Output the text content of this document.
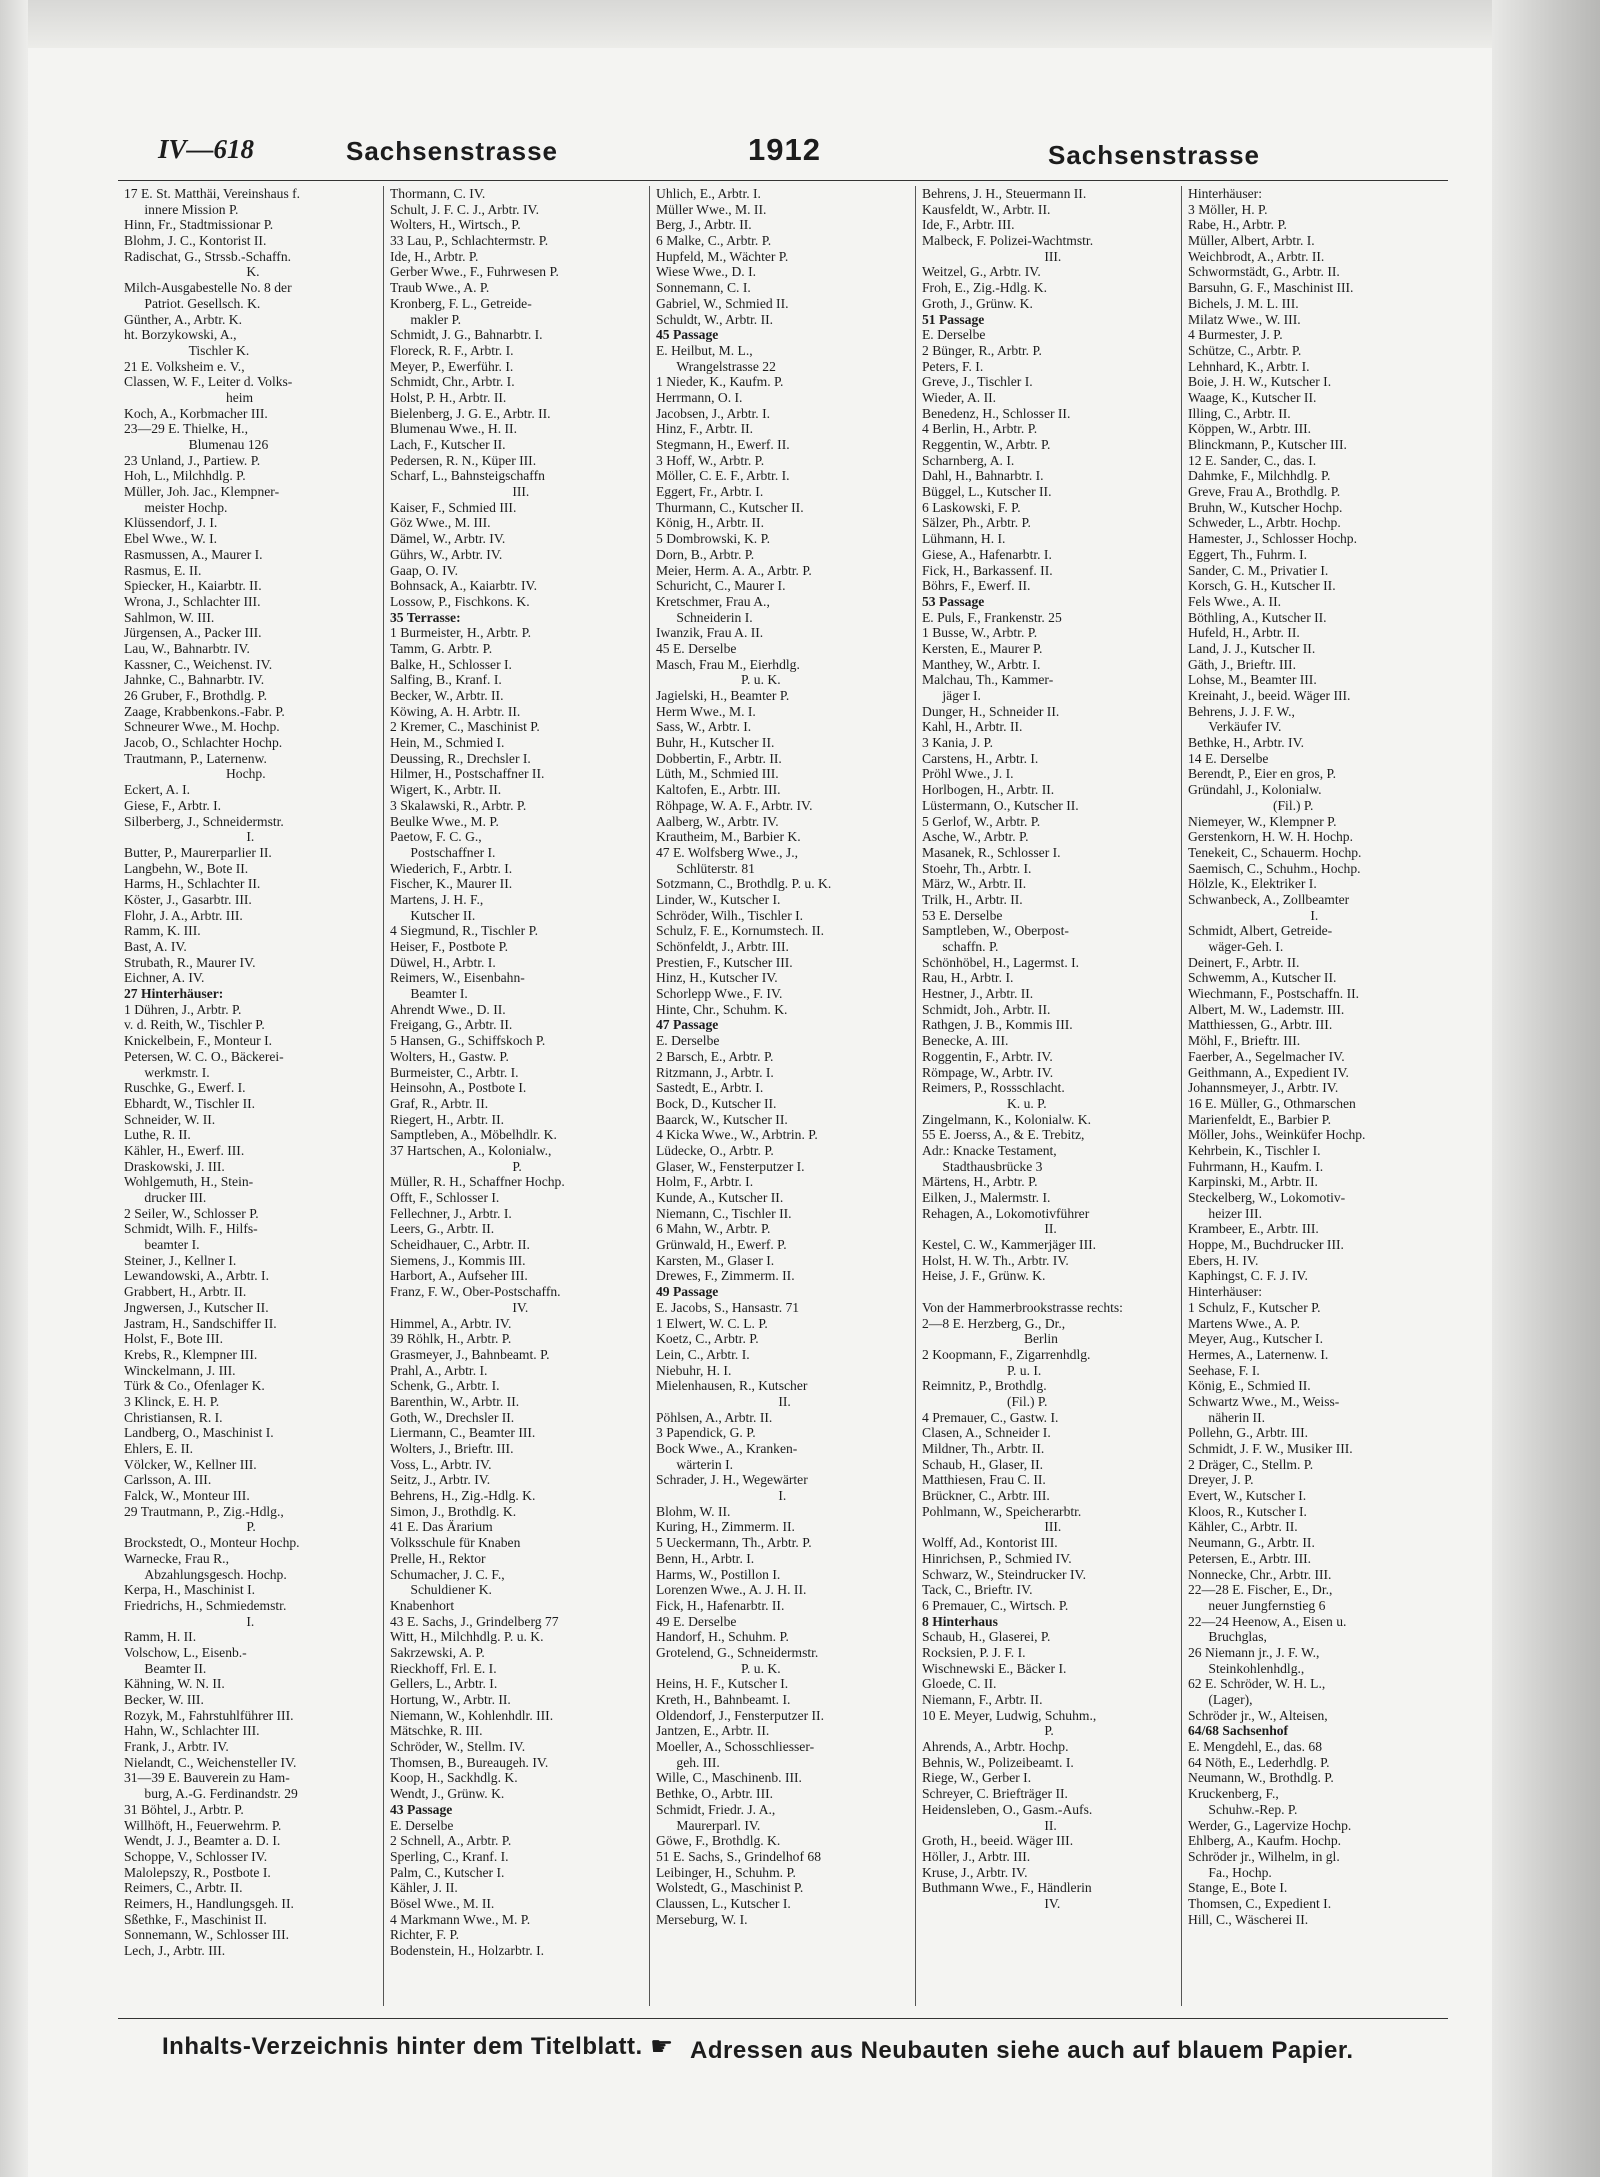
IV—618	Sachsenstrasse	1912	Sachsenstrasse
17 E. St. Matthäi, Vereinshaus f.
innere Mission P.
Hinn, Fr., Stadtmissionar P.
Blohm, J. C., Kontorist II.
Radischat, G., Strssb.-Schaffn.
K.
Milch-Ausgabestelle No. 8 der
Patriot. Gesellsch. K.
Günther, A., Arbtr. K.
ht. Borzykowski, A.,
Tischler K.
21 E. Volksheim e. V.,
Classen, W. F., Leiter d. Volks-
heim
Koch, A., Korbmacher III.
23—29 E. Thielke, H.,
Blumenau 126
23 Unland, J., Partiew. P.
Hoh, L., Milchhdlg. P.
Müller, Joh. Jac., Klempner-
meister Hochp.
Klüssendorf, J. I.
Ebel Wwe., W. I.
Rasmussen, A., Maurer I.
Rasmus, E. II.
Spiecker, H., Kaiarbtr. II.
Wrona, J., Schlachter III.
Sahlmon, W. III.
Jürgensen, A., Packer III.
Lau, W., Bahnarbtr. IV.
Kassner, C., Weichenst. IV.
Jahnke, C., Bahnarbtr. IV.
26 Gruber, F., Brothdlg. P.
Zaage, Krabbenkons.-Fabr. P.
Schneurer Wwe., M. Hochp.
Jacob, O., Schlachter Hochp.
Trautmann, P., Laternenw.
Hochp.
Eckert, A. I.
Giese, F., Arbtr. I.
Silberberg, J., Schneidermstr.
I.
Butter, P., Maurerparlier II.
Langbehn, W., Bote II.
Harms, H., Schlachter II.
Köster, J., Gasarbtr. III.
Flohr, J. A., Arbtr. III.
Ramm, K. III.
Bast, A. IV.
Strubath, R., Maurer IV.
Eichner, A. IV.
27 Hinterhäuser:
1 Dühren, J., Arbtr. P.
v. d. Reith, W., Tischler P.
Knickelbein, F., Monteur I.
Petersen, W. C. O., Bäckerei-
werkmstr. I.
Ruschke, G., Ewerf. I.
Ebhardt, W., Tischler II.
Schneider, W. II.
Luthe, R. II.
Kähler, H., Ewerf. III.
Draskowski, J. III.
Wohlgemuth, H., Stein-
drucker III.
2 Seiler, W., Schlosser P.
Schmidt, Wilh. F., Hilfs-
beamter I.
Steiner, J., Kellner I.
Lewandowski, A., Arbtr. I.
Grabbert, H., Arbtr. II.
Jngwersen, J., Kutscher II.
Jastram, H., Sandschiffer II.
Holst, F., Bote III.
Krebs, R., Klempner III.
Winckelmann, J. III.
Türk & Co., Ofenlager K.
3 Klinck, E. H. P.
Christiansen, R. I.
Landberg, O., Maschinist I.
Ehlers, E. II.
Völcker, W., Kellner III.
Carlsson, A. III.
Falck, W., Monteur III.
29 Trautmann, P., Zig.-Hdlg.,
P.
Brockstedt, O., Monteur Hochp.
Warnecke, Frau R.,
Abzahlungsgesch. Hochp.
Kerpa, H., Maschinist I.
Friedrichs, H., Schmiedemstr.
I.
Ramm, H. II.
Volschow, L., Eisenb.-
Beamter II.
Kähning, W. N. II.
Becker, W. III.
Rozyk, M., Fahrstuhlführer III.
Hahn, W., Schlachter III.
Frank, J., Arbtr. IV.
Nielandt, C., Weichensteller IV.
31—39 E. Bauverein zu Ham-
burg, A.-G. Ferdinandstr. 29
31 Böhtel, J., Arbtr. P.
Willhöft, H., Feuerwehrm. P.
Wendt, J. J., Beamter a. D. I.
Schoppe, V., Schlosser IV.
Malolepszy, R., Postbote I.
Reimers, C., Arbtr. II.
Reimers, H., Handlungsgeh. II.
Sßethke, F., Maschinist II.
Sonnemann, W., Schlosser III.
Lech, J., Arbtr. III.
Thormann, C. IV.
Schult, J. F. C. J., Arbtr. IV.
Wolters, H., Wirtsch., P.
33 Lau, P., Schlachtermstr. P.
Ide, H., Arbtr. P.
Gerber Wwe., F., Fuhrwesen P.
Traub Wwe., A. P.
Kronberg, F. L., Getreide-
makler P.
Schmidt, J. G., Bahnarbtr. I.
Floreck, R. F., Arbtr. I.
Meyer, P., Ewerführ. I.
Schmidt, Chr., Arbtr. I.
Holst, P. H., Arbtr. II.
Bielenberg, J. G. E., Arbtr. II.
Blumenau Wwe., H. II.
Lach, F., Kutscher II.
Pedersen, R. N., Küper III.
Scharf, L., Bahnsteigschaffn
III.
Kaiser, F., Schmied III.
Göz Wwe., M. III.
Dämel, W., Arbtr. IV.
Gührs, W., Arbtr. IV.
Gaap, O. IV.
Bohnsack, A., Kaiarbtr. IV.
Lossow, P., Fischkons. K.
35 Terrasse:
1 Burmeister, H., Arbtr. P.
Tamm, G. Arbtr. P.
Balke, H., Schlosser I.
Salfing, B., Kranf. I.
Becker, W., Arbtr. II.
Köwing, A. H. Arbtr. II.
2 Kremer, C., Maschinist P.
Hein, M., Schmied I.
Deussing, R., Drechsler I.
Hilmer, H., Postschaffner II.
Wigert, K., Arbtr. II.
3 Skalawski, R., Arbtr. P.
Beulke Wwe., M. P.
Paetow, F. C. G.,
Postschaffner I.
Wiederich, F., Arbtr. I.
Fischer, K., Maurer II.
Martens, J. H. F.,
Kutscher II.
4 Siegmund, R., Tischler P.
Heiser, F., Postbote P.
Düwel, H., Arbtr. I.
Reimers, W., Eisenbahn-
Beamter I.
Ahrendt Wwe., D. II.
Freigang, G., Arbtr. II.
5 Hansen, G., Schiffskoch P.
Wolters, H., Gastw. P.
Burmeister, C., Arbtr. I.
Heinsohn, A., Postbote I.
Graf, R., Arbtr. II.
Riegert, H., Arbtr. II.
Samptleben, A., Möbelhdlr. K.
37 Hartschen, A., Kolonialw.,
P.
Müller, R. H., Schaffner Hochp.
Offt, F., Schlosser I.
Fellechner, J., Arbtr. I.
Leers, G., Arbtr. II.
Scheidhauer, C., Arbtr. II.
Siemens, J., Kommis III.
Harbort, A., Aufseher III.
Franz, F. W., Ober-Postschaffn.
IV.
Himmel, A., Arbtr. IV.
39 Röhlk, H., Arbtr. P.
Grasmeyer, J., Bahnbeamt. P.
Prahl, A., Arbtr. I.
Schenk, G., Arbtr. I.
Barenthin, W., Arbtr. II.
Goth, W., Drechsler II.
Liermann, C., Beamter III.
Wolters, J., Brieftr. III.
Voss, L., Arbtr. IV.
Seitz, J., Arbtr. IV.
Behrens, H., Zig.-Hdlg. K.
Simon, J., Brothdlg. K.
41 E. Das Ärarium
Volksschule für Knaben
Prelle, H., Rektor
Schumacher, J. C. F.,
Schuldiener K.
Knabenhort
43 E. Sachs, J., Grindelberg 77
Witt, H., Milchhdlg. P. u. K.
Sakrzewski, A. P.
Rieckhoff, Frl. E. I.
Gellers, L., Arbtr. I.
Hortung, W., Arbtr. II.
Niemann, W., Kohlenhdlr. III.
Mätschke, R. III.
Schröder, W., Stellm. IV.
Thomsen, B., Bureaugeh. IV.
Koop, H., Sackhdlg. K.
Wendt, J., Grünw. K.
43 Passage
E. Derselbe
2 Schnell, A., Arbtr. P.
Sperling, C., Kranf. I.
Palm, C., Kutscher I.
Kähler, J. II.
Bösel Wwe., M. II.
4 Markmann Wwe., M. P.
Richter, F. P.
Bodenstein, H., Holzarbtr. I.
Uhlich, E., Arbtr. I.
Müller Wwe., M. II.
Berg, J., Arbtr. II.
6 Malke, C., Arbtr. P.
Hupfeld, M., Wächter P.
Wiese Wwe., D. I.
Sonnemann, C. I.
Gabriel, W., Schmied II.
Schuldt, W., Arbtr. II.
45 Passage
E. Heilbut, M. L.,
Wrangelstrasse 22
1 Nieder, K., Kaufm. P.
Herrmann, O. I.
Jacobsen, J., Arbtr. I.
Hinz, F., Arbtr. II.
Stegmann, H., Ewerf. II.
3 Hoff, W., Arbtr. P.
Möller, C. E. F., Arbtr. I.
Eggert, Fr., Arbtr. I.
Thurmann, C., Kutscher II.
König, H., Arbtr. II.
5 Dombrowski, K. P.
Dorn, B., Arbtr. P.
Meier, Herm. A. A., Arbtr. P.
Schuricht, C., Maurer I.
Kretschmer, Frau A.,
Schneiderin I.
Iwanzik, Frau A. II.
45 E. Derselbe
Masch, Frau M., Eierhdlg.
P. u. K.
Jagielski, H., Beamter P.
Herm Wwe., M. I.
Sass, W., Arbtr. I.
Buhr, H., Kutscher II.
Dobbertin, F., Arbtr. II.
Lüth, M., Schmied III.
Kaltofen, E., Arbtr. III.
Röhpage, W. A. F., Arbtr. IV.
Aalberg, W., Arbtr. IV.
Krautheim, M., Barbier K.
47 E. Wolfsberg Wwe., J.,
Schlüterstr. 81
Sotzmann, C., Brothdlg. P. u. K.
Linder, W., Kutscher I.
Schröder, Wilh., Tischler I.
Schulz, F. E., Kornumstech. II.
Schönfeldt, J., Arbtr. III.
Prestien, F., Kutscher III.
Hinz, H., Kutscher IV.
Schorlepp Wwe., F. IV.
Hinte, Chr., Schuhm. K.
47 Passage
E. Derselbe
2 Barsch, E., Arbtr. P.
Ritzmann, J., Arbtr. I.
Sastedt, E., Arbtr. I.
Bock, D., Kutscher II.
Baarck, W., Kutscher II.
4 Kicka Wwe., W., Arbtrin. P.
Lüdecke, O., Arbtr. P.
Glaser, W., Fensterputzer I.
Holm, F., Arbtr. I.
Kunde, A., Kutscher II.
Niemann, C., Tischler II.
6 Mahn, W., Arbtr. P.
Grünwald, H., Ewerf. P.
Karsten, M., Glaser I.
Drewes, F., Zimmerm. II.
49 Passage
E. Jacobs, S., Hansastr. 71
1 Elwert, W. C. L. P.
Koetz, C., Arbtr. P.
Lein, C., Arbtr. I.
Niebuhr, H. I.
Mielenhausen, R., Kutscher
II.
Pöhlsen, A., Arbtr. II.
3 Papendick, G. P.
Bock Wwe., A., Kranken-
wärterin I.
Schrader, J. H., Wegewärter
I.
Blohm, W. II.
Kuring, H., Zimmerm. II.
5 Ueckermann, Th., Arbtr. P.
Benn, H., Arbtr. I.
Harms, W., Postillon I.
Lorenzen Wwe., A. J. H. II.
Fick, H., Hafenarbtr. II.
49 E. Derselbe
Handorf, H., Schuhm. P.
Grotelend, G., Schneidermstr.
P. u. K.
Heins, H. F., Kutscher I.
Kreth, H., Bahnbeamt. I.
Oldendorf, J., Fensterputzer II.
Jantzen, E., Arbtr. II.
Moeller, A., Schosschliesser-
geh. III.
Wille, C., Maschinenb. III.
Bethke, O., Arbtr. III.
Schmidt, Friedr. J. A.,
Maurerparl. IV.
Göwe, F., Brothdlg. K.
51 E. Sachs, S., Grindelhof 68
Leibinger, H., Schuhm. P.
Wolstedt, G., Maschinist P.
Claussen, L., Kutscher I.
Merseburg, W. I.
Behrens, J. H., Steuermann II.
Kausfeldt, W., Arbtr. II.
Ide, F., Arbtr. III.
Malbeck, F. Polizei-Wachtmstr.
III.
Weitzel, G., Arbtr. IV.
Froh, E., Zig.-Hdlg. K.
Groth, J., Grünw. K.
51 Passage
E. Derselbe
2 Bünger, R., Arbtr. P.
Peters, F. I.
Greve, J., Tischler I.
Wieder, A. II.
Benedenz, H., Schlosser II.
4 Berlin, H., Arbtr. P.
Reggentin, W., Arbtr. P.
Scharnberg, A. I.
Dahl, H., Bahnarbtr. I.
Büggel, L., Kutscher II.
6 Laskowski, F. P.
Sälzer, Ph., Arbtr. P.
Lühmann, H. I.
Giese, A., Hafenarbtr. I.
Fick, H., Barkassenf. II.
Böhrs, F., Ewerf. II.
53 Passage
E. Puls, F., Frankenstr. 25
1 Busse, W., Arbtr. P.
Kersten, E., Maurer P.
Manthey, W., Arbtr. I.
Malchau, Th., Kammer-
jäger I.
Dunger, H., Schneider II.
Kahl, H., Arbtr. II.
3 Kania, J. P.
Carstens, H., Arbtr. I.
Pröhl Wwe., J. I.
Horlbogen, H., Arbtr. II.
Lüstermann, O., Kutscher II.
5 Gerlof, W., Arbtr. P.
Asche, W., Arbtr. P.
Masanek, R., Schlosser I.
Stoehr, Th., Arbtr. I.
März, W., Arbtr. II.
Trilk, H., Arbtr. II.
53 E. Derselbe
Samptleben, W., Oberpost-
schaffn. P.
Schönhöbel, H., Lagermst. I.
Rau, H., Arbtr. I.
Hestner, J., Arbtr. II.
Schmidt, Joh., Arbtr. II.
Rathgen, J. B., Kommis III.
Benecke, A. III.
Roggentin, F., Arbtr. IV.
Römpage, W., Arbtr. IV.
Reimers, P., Rossschlacht.
K. u. P.
Zingelmann, K., Kolonialw. K.
55 E. Joerss, A., & E. Trebitz,
Adr.: Knacke Testament,
Stadthausbrücke 3
Märtens, H., Arbtr. P.
Eilken, J., Malermstr. I.
Rehagen, A., Lokomotivführer
II.
Kestel, C. W., Kammerjäger III.
Holst, H. W. Th., Arbtr. IV.
Heise, J. F., Grünw. K.
Von der Hammerbrookstrasse rechts:
2—8 E. Herzberg, G., Dr.,
Berlin
2 Koopmann, F., Zigarrenhdlg.
P. u. I.
Reimnitz, P., Brothdlg.
(Fil.) P.
4 Premauer, C., Gastw. I.
Clasen, A., Schneider I.
Mildner, Th., Arbtr. II.
Schaub, H., Glaser, II.
Matthiesen, Frau C. II.
Brückner, C., Arbtr. III.
Pohlmann, W., Speicherarbtr.
III.
Wolff, Ad., Kontorist III.
Hinrichsen, P., Schmied IV.
Schwarz, W., Steindrucker IV.
Tack, C., Brieftr. IV.
6 Premauer, C., Wirtsch. P.
8 Hinterhaus
Schaub, H., Glaserei, P.
Rocksien, P. J. F. I.
Wischnewski E., Bäcker I.
Gloede, C. II.
Niemann, F., Arbtr. II.
10 E. Meyer, Ludwig, Schuhm.,
P.
Ahrends, A., Arbtr. Hochp.
Behnis, W., Polizeibeamt. I.
Riege, W., Gerber I.
Schreyer, C. Briefträger II.
Heidensleben, O., Gasm.-Aufs.
II.
Groth, H., beeid. Wäger III.
Höller, J., Arbtr. III.
Kruse, J., Arbtr. IV.
Buthmann Wwe., F., Händlerin
IV.
Hinterhäuser:
3 Möller, H. P.
Rabe, H., Arbtr. P.
Müller, Albert, Arbtr. I.
Weichbrodt, A., Arbtr. II.
Schwormstädt, G., Arbtr. II.
Barsuhn, G. F., Maschinist III.
Bichels, J. M. L. III.
Milatz Wwe., W. III.
4 Burmester, J. P.
Schütze, C., Arbtr. P.
Lehnhard, K., Arbtr. I.
Boie, J. H. W., Kutscher I.
Waage, K., Kutscher II.
Illing, C., Arbtr. II.
Köppen, W., Arbtr. III.
Blinckmann, P., Kutscher III.
12 E. Sander, C., das. I.
Dahmke, F., Milchhdlg. P.
Greve, Frau A., Brothdlg. P.
Bruhn, W., Kutscher Hochp.
Schweder, L., Arbtr. Hochp.
Hamester, J., Schlosser Hochp.
Eggert, Th., Fuhrm. I.
Sander, C. M., Privatier I.
Korsch, G. H., Kutscher II.
Fels Wwe., A. II.
Böthling, A., Kutscher II.
Hufeld, H., Arbtr. II.
Land, J. J., Kutscher II.
Gäth, J., Brieftr. III.
Lohse, M., Beamter III.
Kreinaht, J., beeid. Wäger III.
Behrens, J. J. F. W.,
Verkäufer IV.
Bethke, H., Arbtr. IV.
14 E. Derselbe
Berendt, P., Eier en gros, P.
Gründahl, J., Kolonialw.
(Fil.) P.
Niemeyer, W., Klempner P.
Gerstenkorn, H. W. H. Hochp.
Tenekeit, C., Schauerm. Hochp.
Saemisch, C., Schuhm., Hochp.
Hölzle, K., Elektriker I.
Schwanbeck, A., Zollbeamter
I.
Schmidt, Albert, Getreide-
wäger-Geh. I.
Deinert, F., Arbtr. II.
Schwemm, A., Kutscher II.
Wiechmann, F., Postschaffn. II.
Albert, M. W., Lademstr. III.
Matthiessen, G., Arbtr. III.
Möhl, F., Brieftr. III.
Faerber, A., Segelmacher IV.
Geithmann, A., Expedient IV.
Johannsmeyer, J., Arbtr. IV.
16 E. Müller, G., Othmarschen
Marienfeldt, E., Barbier P.
Möller, Johs., Weinküfer Hochp.
Kehrbein, K., Tischler I.
Fuhrmann, H., Kaufm. I.
Karpinski, M., Arbtr. II.
Steckelberg, W., Lokomotiv-
heizer III.
Krambeer, E., Arbtr. III.
Hoppe, M., Buchdrucker III.
Ebers, H. IV.
Kaphingst, C. F. J. IV.
Hinterhäuser:
1 Schulz, F., Kutscher P.
Martens Wwe., A. P.
Meyer, Aug., Kutscher I.
Hermes, A., Laternenw. I.
Seehase, F. I.
König, E., Schmied II.
Schwartz Wwe., M., Weiss-
näherin II.
Pollehn, G., Arbtr. III.
Schmidt, J. F. W., Musiker III.
2 Dräger, C., Stellm. P.
Dreyer, J. P.
Evert, W., Kutscher I.
Kloos, R., Kutscher I.
Kähler, C., Arbtr. II.
Neumann, G., Arbtr. II.
Petersen, E., Arbtr. III.
Nonnecke, Chr., Arbtr. III.
22—28 E. Fischer, E., Dr.,
neuer Jungfernstieg 6
22—24 Heenow, A., Eisen u.
Bruchglas,
26 Niemann jr., J. F. W.,
Steinkohlenhdlg.,
62 E. Schröder, W. H. L.,
(Lager),
Schröder jr., W., Alteisen,
64/68 Sachsenhof
E. Mengdehl, E., das. 68
64 Nöth, E., Lederhdlg. P.
Neumann, W., Brothdlg. P.
Kruckenberg, F.,
Schuhw.-Rep. P.
Werder, G., Lagervize Hochp.
Ehlberg, A., Kaufm. Hochp.
Schröder jr., Wilhelm, in gl.
Fa., Hochp.
Stange, E., Bote I.
Thomsen, C., Expedient I.
Hill, C., Wäscherei II.
Inhalts-Verzeichnis hinter dem Titelblatt. ☛ Adressen aus Neubauten siehe auch auf blauem Papier.
